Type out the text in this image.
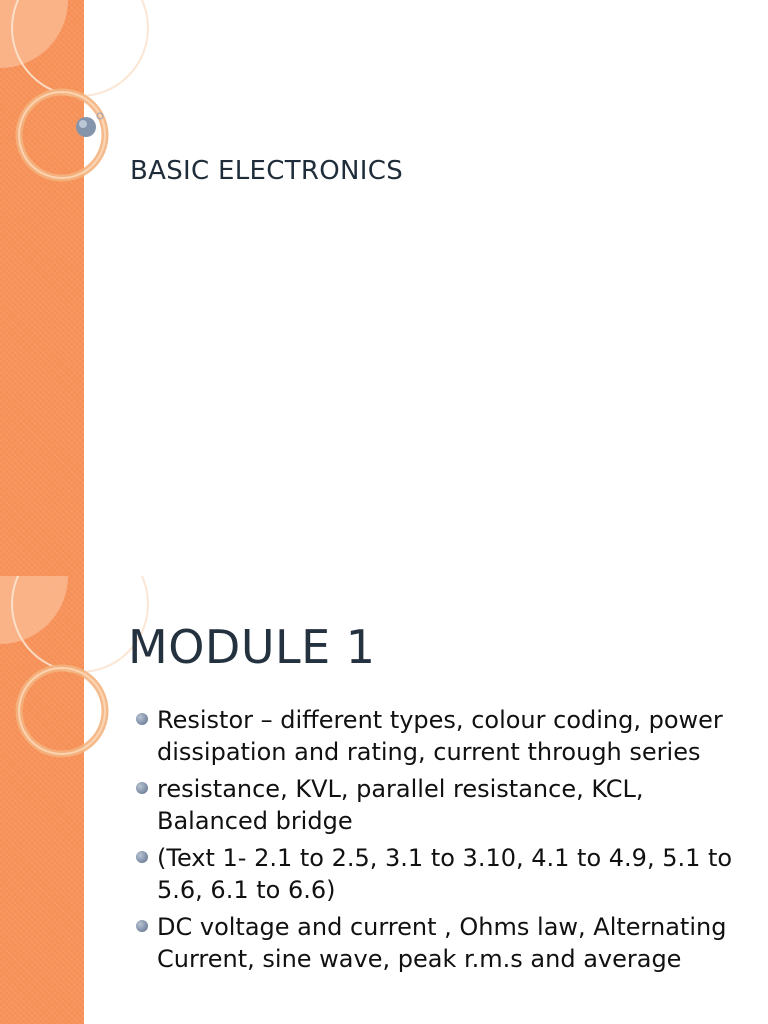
BASIC ELECTRONICS
MODULE 1
Resistor – different types, colour coding, power dissipation and rating, current through series
resistance, KVL, parallel resistance, KCL, Balanced bridge
(Text 1- 2.1 to 2.5, 3.1 to 3.10, 4.1 to 4.9, 5.1 to 5.6, 6.1 to 6.6)
DC voltage and current , Ohms law, Alternating Current, sine wave, peak r.m.s and average
